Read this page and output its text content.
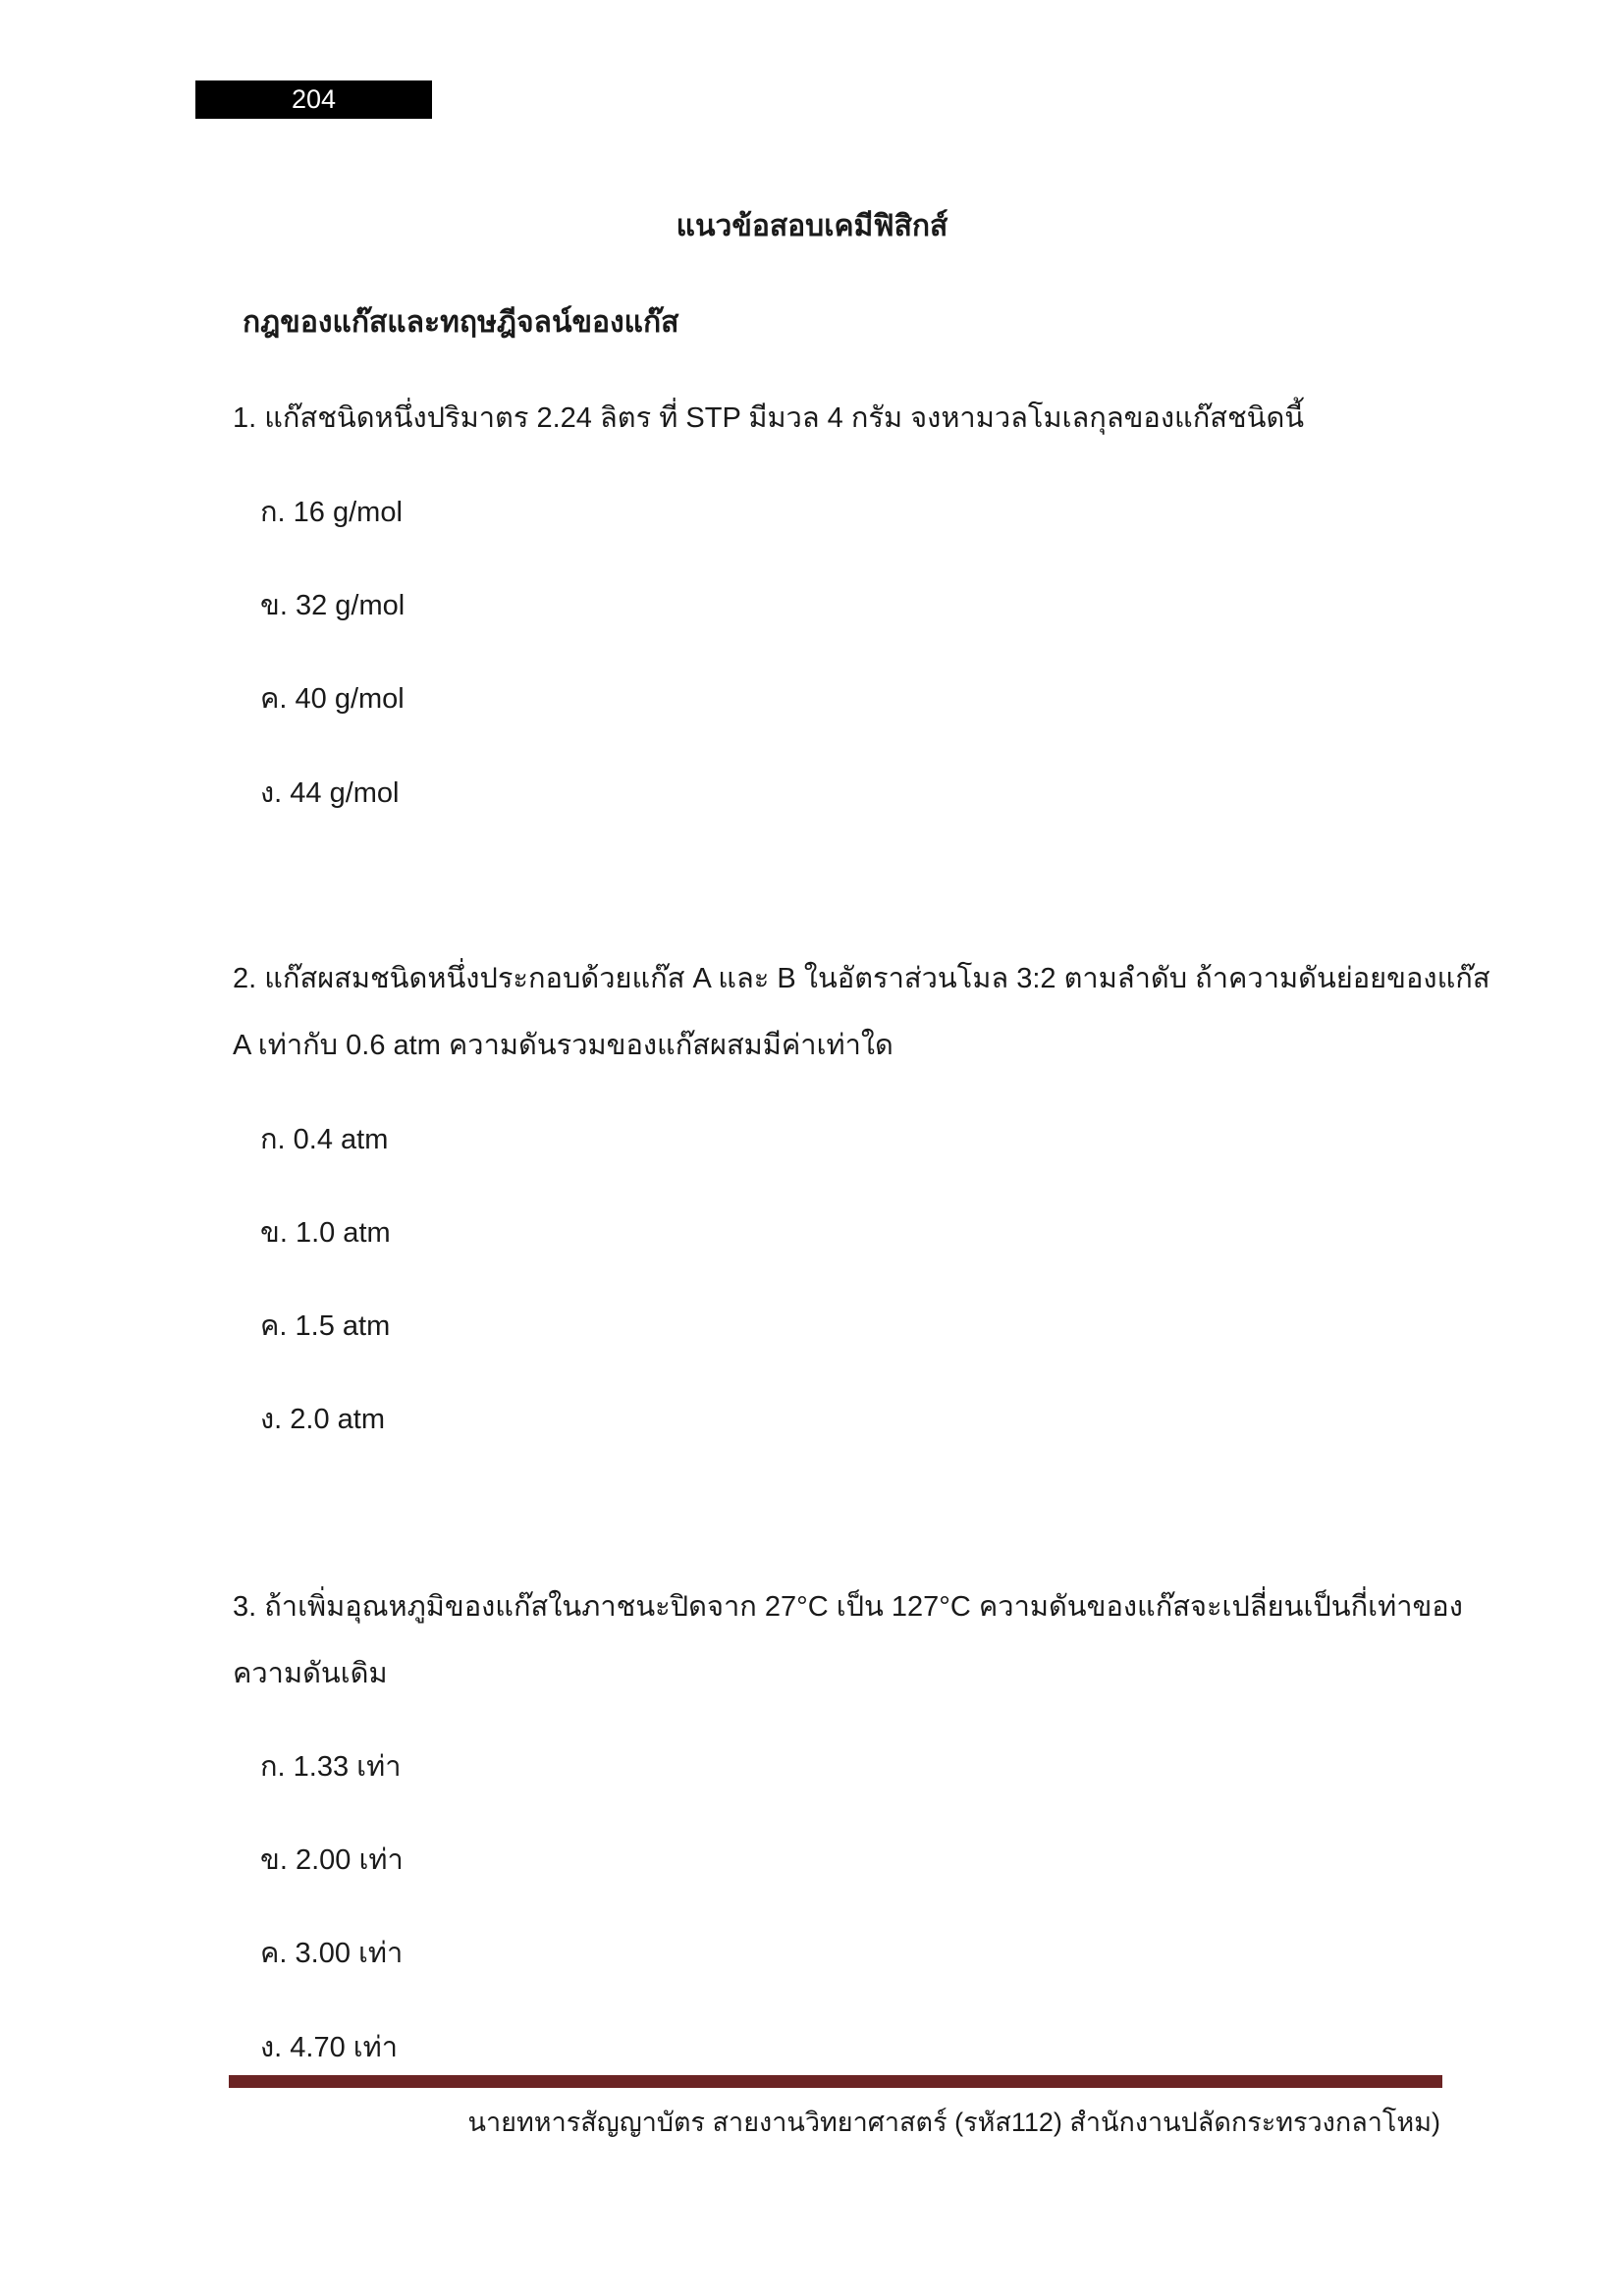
204
แนวข้อสอบเคมีฟิสิกส์
กฎของแก๊สและทฤษฎีจลน์ของแก๊ส
1. แก๊สชนิดหนึ่งปริมาตร 2.24 ลิตร ที่ STP มีมวล 4 กรัม จงหามวลโมเลกุลของแก๊สชนิดนี้
ก. 16 g/mol
ข. 32 g/mol
ค. 40 g/mol
ง. 44 g/mol
2. แก๊สผสมชนิดหนึ่งประกอบด้วยแก๊ส A และ B ในอัตราส่วนโมล 3:2 ตามลำดับ ถ้าความดันย่อยของแก๊ส
A เท่ากับ 0.6 atm ความดันรวมของแก๊สผสมมีค่าเท่าใด
ก. 0.4 atm
ข. 1.0 atm
ค. 1.5 atm
ง. 2.0 atm
3. ถ้าเพิ่มอุณหภูมิของแก๊สในภาชนะปิดจาก 27°C เป็น 127°C ความดันของแก๊สจะเปลี่ยนเป็นกี่เท่าของ
ความดันเดิม
ก. 1.33 เท่า
ข. 2.00 เท่า
ค. 3.00 เท่า
ง. 4.70 เท่า
นายทหารสัญญาบัตร สายงานวิทยาศาสตร์ (รหัส112) สำนักงานปลัดกระทรวงกลาโหม)
